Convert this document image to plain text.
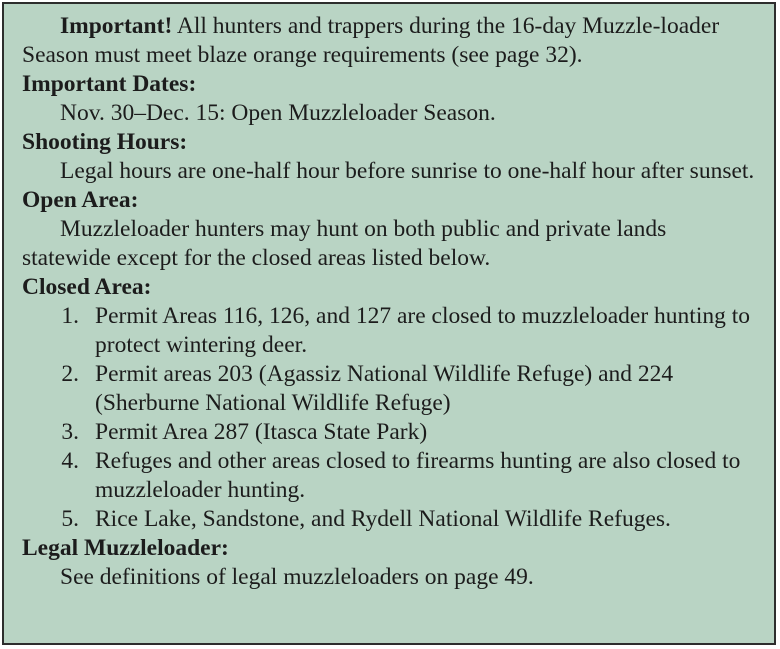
Important! All hunters and trappers during the 16-day Muzzle-loader Season must meet blaze orange requirements (see page 32).

Important Dates:

Nov. 30–Dec. 15: Open Muzzleloader Season.

Shooting Hours:

Legal hours are one-half hour before sunrise to one-half hour after sunset.

Open Area:

Muzzleloader hunters may hunt on both public and private lands statewide except for the closed areas listed below.

Closed Area:

1. Permit Areas 116, 126, and 127 are closed to muzzleloader hunting to protect wintering deer.
2. Permit areas 203 (Agassiz National Wildlife Refuge) and 224 (Sherburne National Wildlife Refuge)
3. Permit Area 287 (Itasca State Park)
4. Refuges and other areas closed to firearms hunting are also closed to muzzleloader hunting.
5. Rice Lake, Sandstone, and Rydell National Wildlife Refuges.

Legal Muzzleloader:

See definitions of legal muzzleloaders on page 49.
